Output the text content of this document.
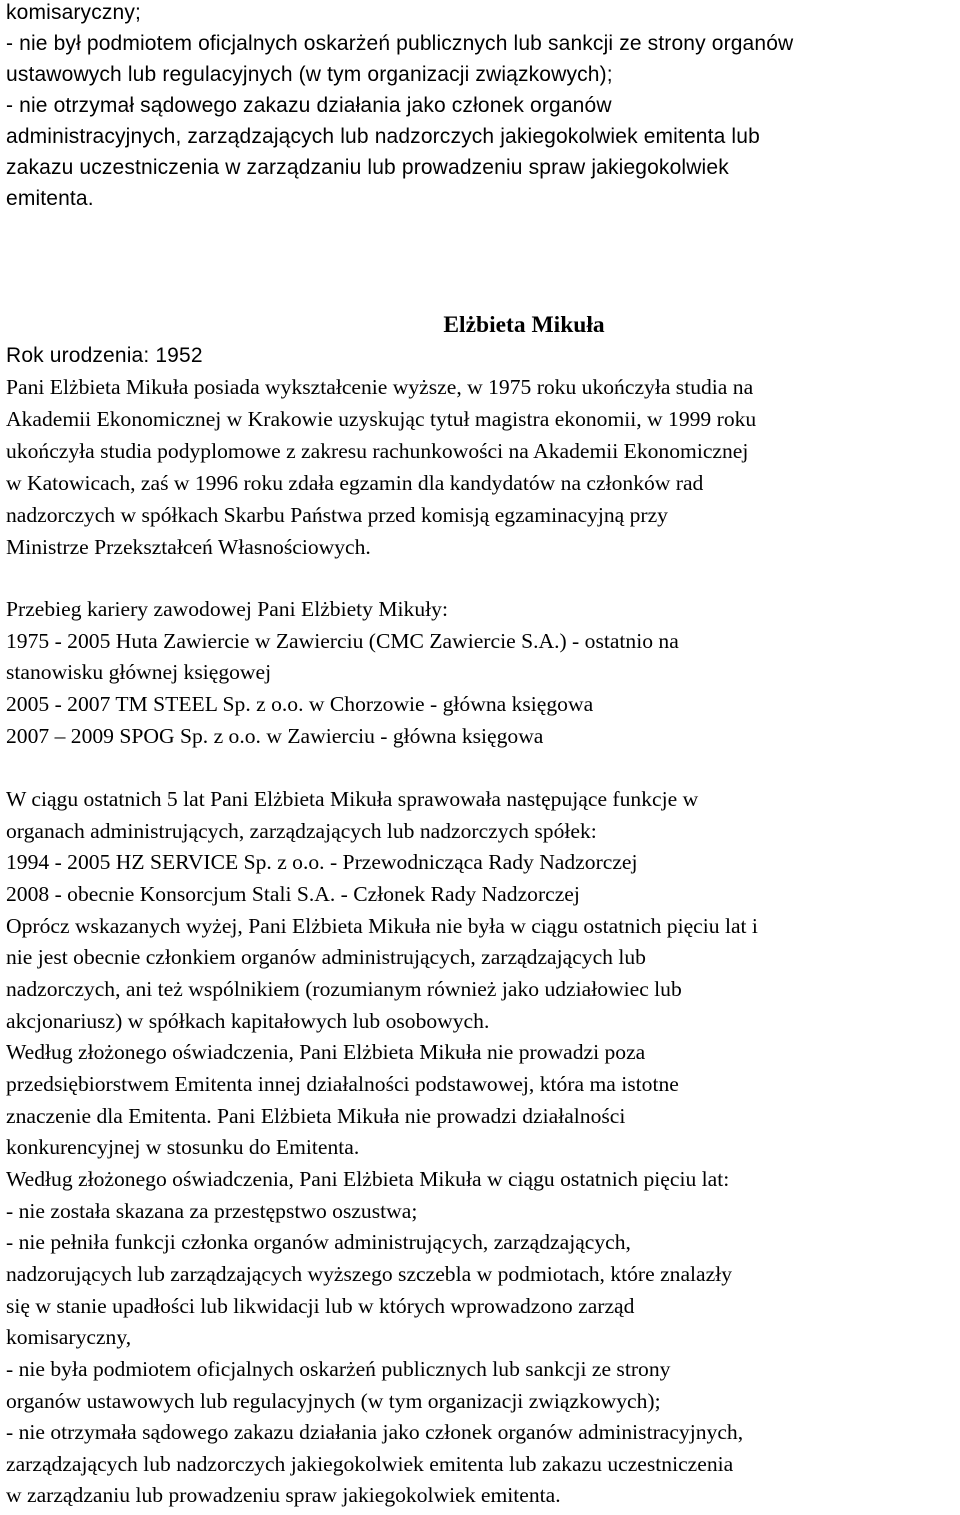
komisaryczny;
- nie był podmiotem oficjalnych oskarżeń publicznych lub sankcji ze strony organów
ustawowych lub regulacyjnych (w tym organizacji związkowych);
- nie otrzymał sądowego zakazu działania jako członek organów
administracyjnych, zarządzających lub nadzorczych jakiegokolwiek emitenta lub
zakazu uczestniczenia w zarządzaniu lub prowadzeniu spraw jakiegokolwiek
emitenta.
Elżbieta Mikuła
Rok urodzenia: 1952
Pani Elżbieta Mikuła posiada wykształcenie wyższe, w 1975 roku ukończyła studia na
Akademii Ekonomicznej w Krakowie uzyskując tytuł magistra ekonomii, w 1999 roku
ukończyła studia podyplomowe z zakresu rachunkowości na Akademii Ekonomicznej
w Katowicach, zaś w 1996 roku zdała egzamin dla kandydatów na członków rad
nadzorczych w spółkach Skarbu Państwa przed komisją egzaminacyjną przy
Ministrze Przekształceń Własnościowych.
Przebieg kariery zawodowej Pani Elżbiety Mikuły:
1975 - 2005 Huta Zawiercie w Zawierciu (CMC Zawiercie S.A.) - ostatnio na
stanowisku głównej księgowej
2005 - 2007 TM STEEL Sp. z o.o. w Chorzowie - główna księgowa
2007 – 2009 SPOG Sp. z o.o. w Zawierciu - główna księgowa
W ciągu ostatnich 5 lat Pani Elżbieta Mikuła sprawowała następujące funkcje w
organach administrujących, zarządzających lub nadzorczych spółek:
1994 - 2005 HZ SERVICE Sp. z o.o. - Przewodnicząca Rady Nadzorczej
2008 - obecnie Konsorcjum Stali S.A. - Członek Rady Nadzorczej
Oprócz wskazanych wyżej, Pani Elżbieta Mikuła nie była w ciągu ostatnich pięciu lat i
nie jest obecnie członkiem organów administrujących, zarządzających lub
nadzorczych, ani też wspólnikiem (rozumianym również jako udziałowiec lub
akcjonariusz) w spółkach kapitałowych lub osobowych.
Według złożonego oświadczenia, Pani Elżbieta Mikuła nie prowadzi poza
przedsiębiorstwem Emitenta innej działalności podstawowej, która ma istotne
znaczenie dla Emitenta. Pani Elżbieta Mikuła nie prowadzi działalności
konkurencyjnej w stosunku do Emitenta.
Według złożonego oświadczenia, Pani Elżbieta Mikuła w ciągu ostatnich pięciu lat:
- nie została skazana za przestępstwo oszustwa;
- nie pełniła funkcji członka organów administrujących, zarządzających,
nadzorujących lub zarządzających wyższego szczebla w podmiotach, które znalazły
się w stanie upadłości lub likwidacji lub w których wprowadzono zarząd
komisaryczny,
- nie była podmiotem oficjalnych oskarżeń publicznych lub sankcji ze strony
organów ustawowych lub regulacyjnych (w tym organizacji związkowych);
- nie otrzymała sądowego zakazu działania jako członek organów administracyjnych,
zarządzających lub nadzorczych jakiegokolwiek emitenta lub zakazu uczestniczenia
w zarządzaniu lub prowadzeniu spraw jakiegokolwiek emitenta.
